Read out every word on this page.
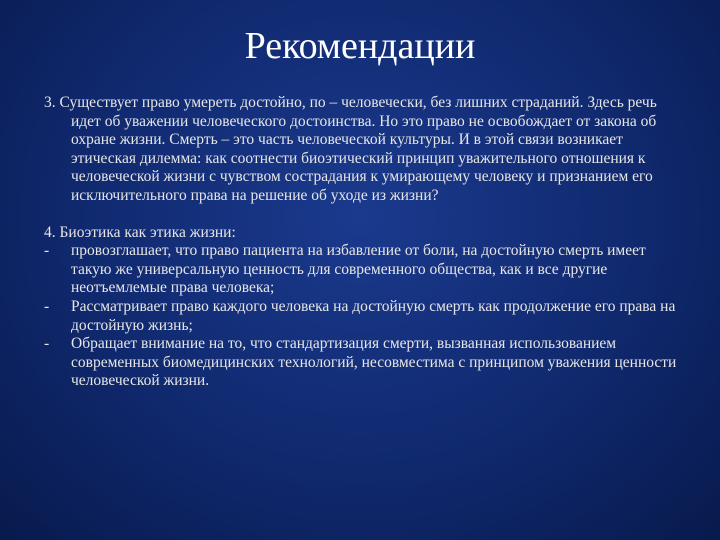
Рекомендации

3. Существует право умереть достойно, по – человечески, без лишних страданий. Здесь речь идет об уважении человеческого достоинства. Но это право не освобождает от закона об охране жизни. Смерть – это часть человеческой культуры. И в этой связи возникает этическая дилемма: как соотнести биоэтический принцип уважительного отношения к человеческой жизни с чувством сострадания к умирающему человеку и признанием его исключительного права на решение об уходе из жизни?

4. Биоэтика как этика жизни:

- провозглашает, что право пациента на избавление от боли, на достойную смерть имеет такую же универсальную ценность для современного общества, как и все другие неотъемлемые права человека;

- Рассматривает право каждого человека на достойную смерть как продолжение его права на достойную жизнь;

- Обращает внимание на то, что стандартизация смерти, вызванная использованием современных биомедицинских технологий, несовместима с принципом уважения ценности человеческой жизни.
